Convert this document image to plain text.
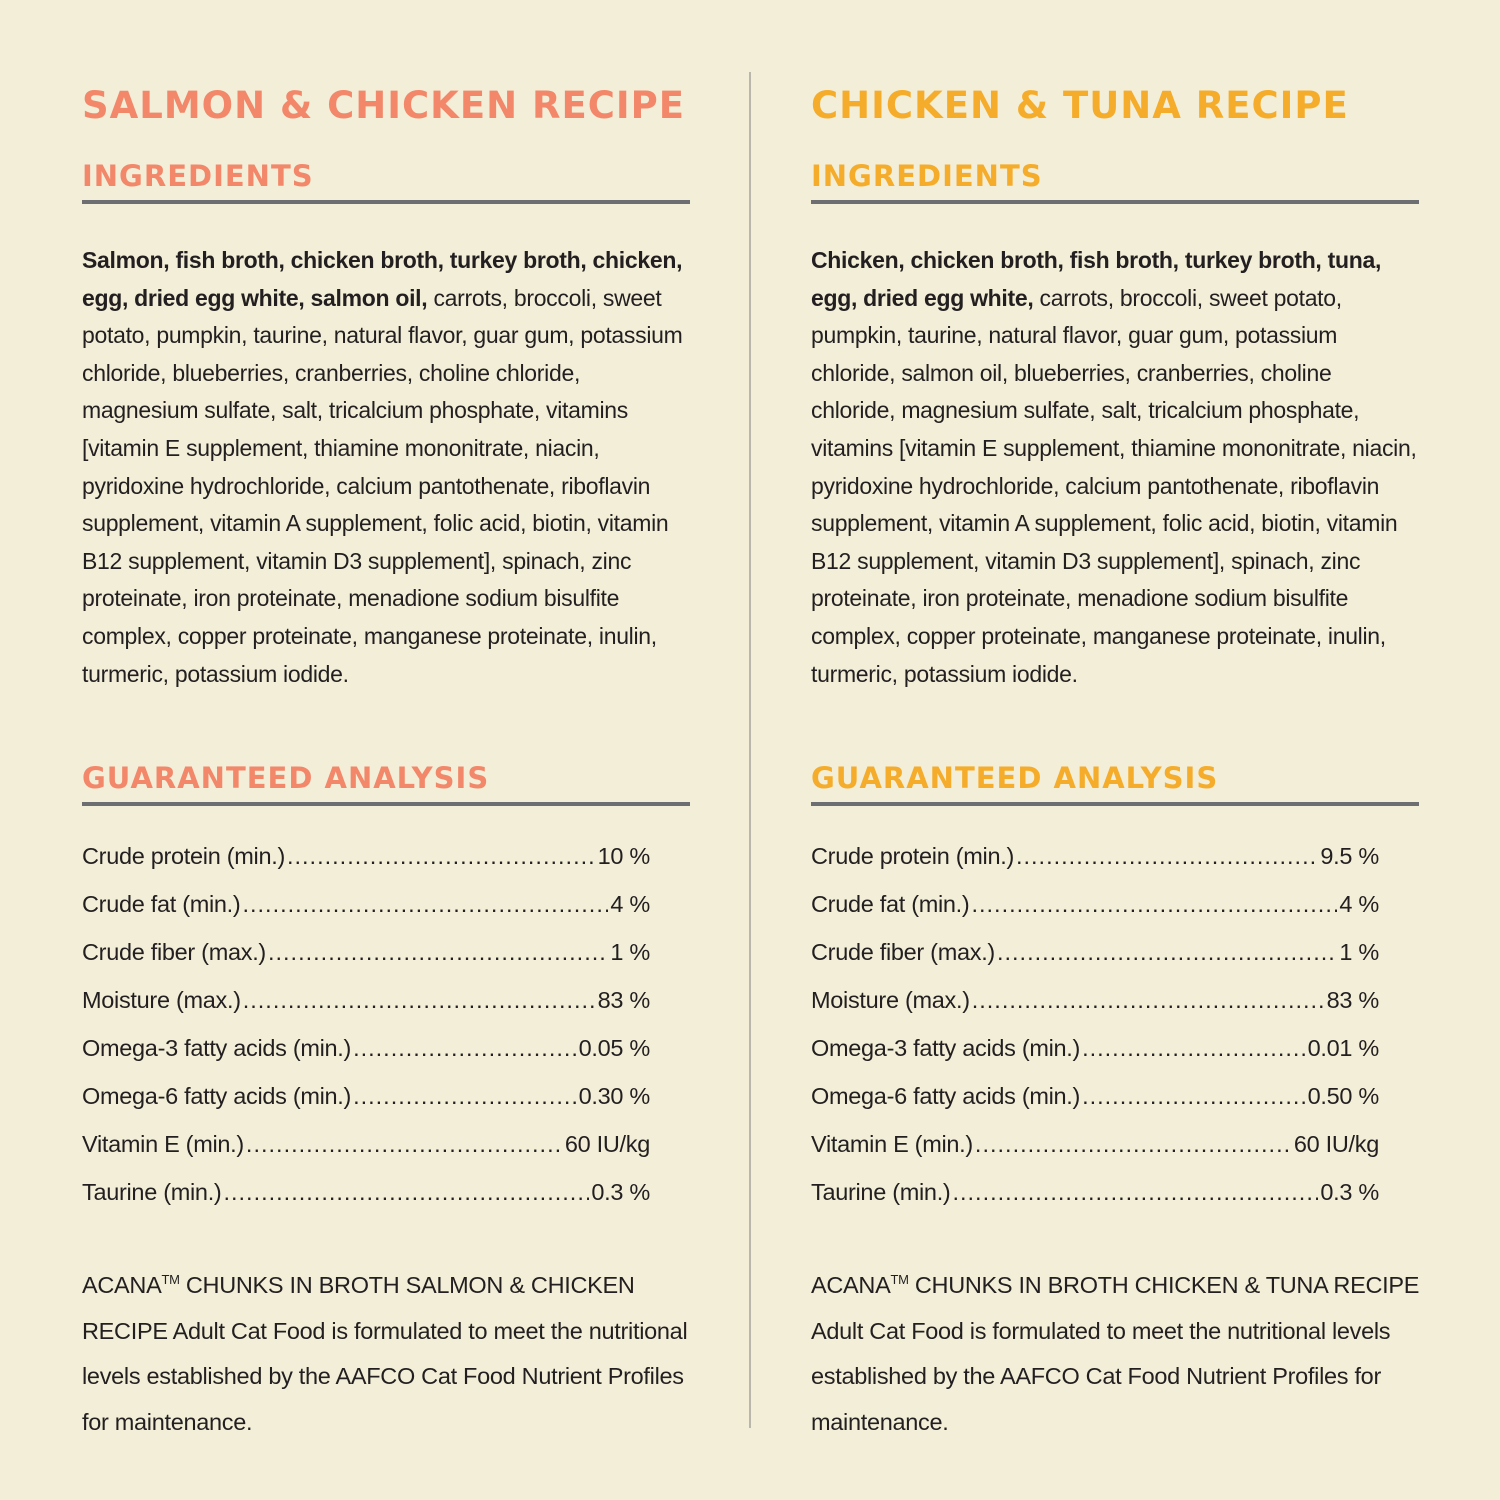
SALMON & CHICKEN RECIPE
INGREDIENTS

Salmon, fish broth, chicken broth, turkey broth, chicken, egg, dried egg white, salmon oil, carrots, broccoli, sweet potato, pumpkin, taurine, natural flavor, guar gum, potassium chloride, blueberries, cranberries, choline chloride, magnesium sulfate, salt, tricalcium phosphate, vitamins [vitamin E supplement, thiamine mononitrate, niacin, pyridoxine hydrochloride, calcium pantothenate, riboflavin supplement, vitamin A supplement, folic acid, biotin, vitamin B12 supplement, vitamin D3 supplement], spinach, zinc proteinate, iron proteinate, menadione sodium bisulfite complex, copper proteinate, manganese proteinate, inulin, turmeric, potassium iodide.

GUARANTEED ANALYSIS
Crude protein (min.) .....	10 %
Crude fat (min.) .....	4 %
Crude fiber (max.) .....	1 %
Moisture (max.) .....	83 %
Omega-3 fatty acids (min.) .....	0.05 %
Omega-6 fatty acids (min.) .....	0.30 %
Vitamin E (min.) .....	60 IU/kg
Taurine (min.) .....	0.3 %

ACANA™ CHUNKS IN BROTH SALMON & CHICKEN RECIPE Adult Cat Food is formulated to meet the nutritional levels established by the AAFCO Cat Food Nutrient Profiles for maintenance.

CHICKEN & TUNA RECIPE
INGREDIENTS

Chicken, chicken broth, fish broth, turkey broth, tuna, egg, dried egg white, carrots, broccoli, sweet potato, pumpkin, taurine, natural flavor, guar gum, potassium chloride, salmon oil, blueberries, cranberries, choline chloride, magnesium sulfate, salt, tricalcium phosphate, vitamins [vitamin E supplement, thiamine mononitrate, niacin, pyridoxine hydrochloride, calcium pantothenate, riboflavin supplement, vitamin A supplement, folic acid, biotin, vitamin B12 supplement, vitamin D3 supplement], spinach, zinc proteinate, iron proteinate, menadione sodium bisulfite complex, copper proteinate, manganese proteinate, inulin, turmeric, potassium iodide.

GUARANTEED ANALYSIS
Crude protein (min.) .....	9.5 %
Crude fat (min.) .....	4 %
Crude fiber (max.) .....	1 %
Moisture (max.) .....	83 %
Omega-3 fatty acids (min.) .....	0.01 %
Omega-6 fatty acids (min.) .....	0.50 %
Vitamin E (min.) .....	60 IU/kg
Taurine (min.) .....	0.3 %

ACANA™ CHUNKS IN BROTH CHICKEN & TUNA RECIPE Adult Cat Food is formulated to meet the nutritional levels established by the AAFCO Cat Food Nutrient Profiles for maintenance.
